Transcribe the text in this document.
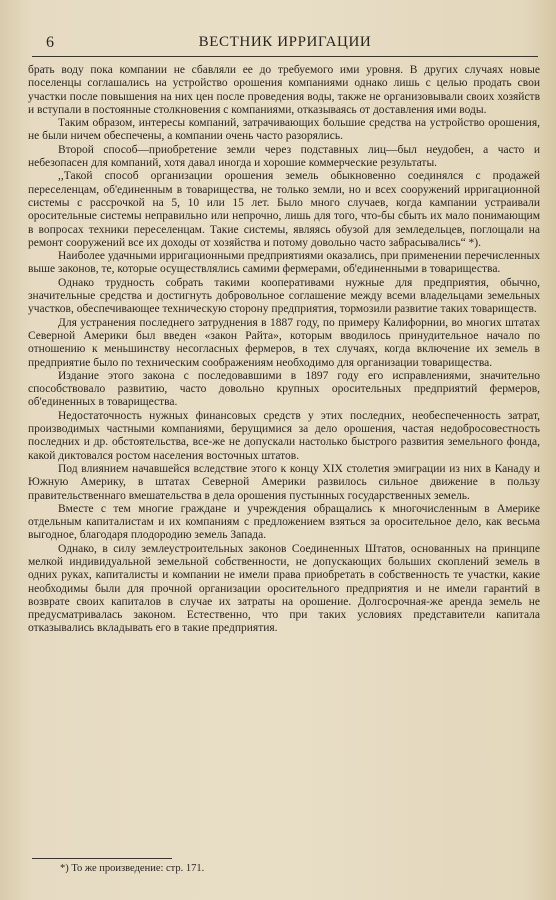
6	ВЕСТНИК ИРРИГАЦИИ

брать воду пока компании не сбавляли ее до требуемого ими уровня. В других случаях новые поселенцы соглашались на устройство орошения компаниями однако лишь с целью продать свои участки после повышения на них цен после проведения воды, также не организовывали своих хозяйств и вступали в постоянные столкновения с компаниями, отказываясь от доставления ими воды.

Таким образом, интересы компаний, затрачивающих большие средства на устройство орошения, не были ничем обеспечены, а компании очень часто разорялись.

Второй способ—приобретение земли через подставных лиц—был неудобен, а часто и небезопасен для компаний, хотя давал иногда и хорошие коммерческие результаты.

,,Такой способ организации орошения земель обыкновенно соединялся с продажей переселенцам, об'единенным в товарищества, не только земли, но и всех сооружений ирригационной системы с рассрочкой на 5, 10 или 15 лет. Было много случаев, когда кампании устраивали оросительные системы неправильно или непрочно, лишь для того, что-бы сбыть их мало понимающим в вопросах техники переселенцам. Такие системы, являясь обузой для земледельцев, поглощали на ремонт сооружений все их доходы от хозяйства и потому довольно часто забрасывались“ *).

Наиболее удачными ирригационными предприятиями оказались, при применении перечисленных выше законов, те, которые осуществлялись самими фермерами, об'единенными в товарищества.

Однако трудность собрать такими кооперативами нужные для предприятия, обычно, значительные средства и достигнуть добровольное соглашение между всеми владельцами земельных участков, обеспечивающее техническую сторону предприятия, тормозили развитие таких товариществ.

Для устранения последнего затруднения в 1887 году, по примеру Калифорнии, во многих штатах Северной Америки был введен «закон Райта», которым вводилось принудительное начало по отношению к меньшинству несогласных фермеров, в тех случаях, когда включение их земель в предприятие было по техническим соображениям необходимо для организации товарищества.

Издание этого закона с последовавшими в 1897 году его исправлениями, значительно способствовало развитию, часто довольно крупных оросительных предприятий фермеров, об'единенных в товарищества.

Недостаточность нужных финансовых средств у этих последних, необеспеченность затрат, производимых частными компаниями, берущимися за дело орошения, частая недобросовестность последних и др. обстоятельства, все-же не допускали настолько быстрого развития земельного фонда, какой диктовался ростом населения восточных штатов.

Под влиянием начавшейся вследствие этого к концу XIX столетия эмиграции из них в Канаду и Южную Америку, в штатах Северной Америки развилось сильное движение в пользу правительственнаго вмешательства в дела орошения пустынных государственных земель.

Вместе с тем многие граждане и учреждения обращались к многочисленным в Америке отдельным капиталистам и их компаниям с предложением взяться за оросительное дело, как весьма выгодное, благодаря плодородию земель Запада.

Однако, в силу землеустроительных законов Соединенных Штатов, основанных на принципе мелкой индивидуальной земельной собственности, не допускающих больших скоплений земель в одних руках, капиталисты и компании не имели права приобретать в собственность те участки, какие необходимы были для прочной организации оросительного предприятия и не имели гарантий в возврате своих капиталов в случае их затраты на орошение. Долгосрочная-же аренда земель не предусматривалась законом. Естественно, что при таких условиях представители капитала отказывались вкладывать его в такие предприятия.

*) То же произведение: стр. 171.
